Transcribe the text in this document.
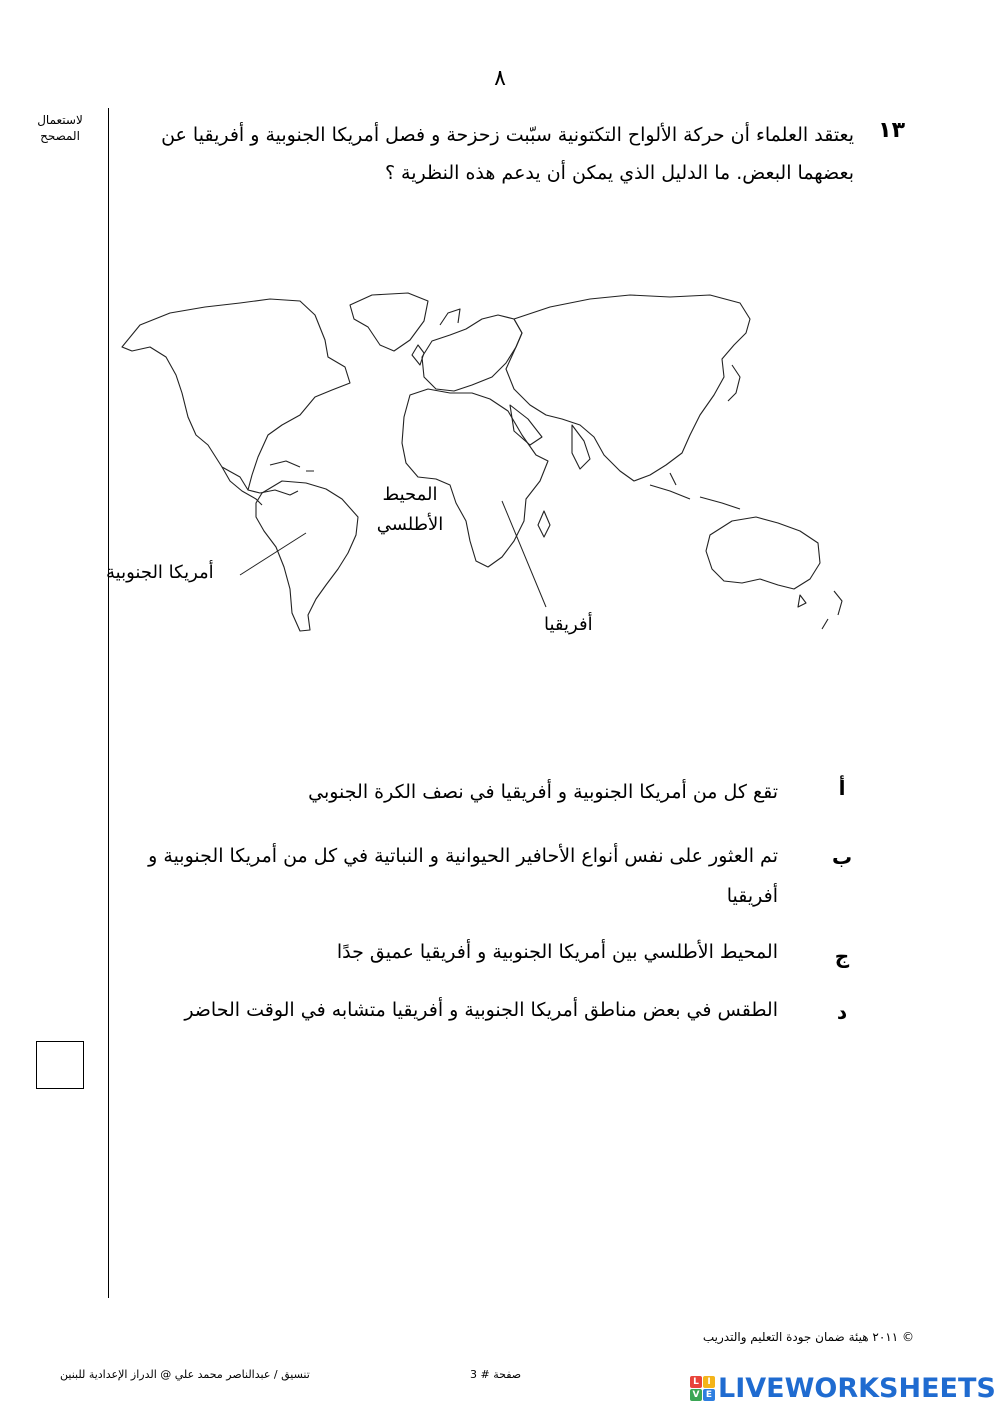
٨
لاستعمال المصحح	١٣
يعتقد العلماء أن حركة الألواح التكتونية سبّبت زحزحة و فصل أمريكا الجنوبية و أفريقيا عن بعضهما البعض. ما الدليل الذي يمكن أن يدعم هذه النظرية ؟
المحيط الأطلسي
أمريكا الجنوبية
أفريقيا
أ
تقع كل من أمريكا الجنوبية و أفريقيا في نصف الكرة الجنوبي
ب
تم العثور على نفس أنواع الأحافير الحيوانية و النباتية في كل من أمريكا الجنوبية و أفريقيا
ج
المحيط الأطلسي بين أمريكا الجنوبية و أفريقيا عميق جدًا
د
الطقس في بعض مناطق أمريكا الجنوبية و أفريقيا متشابه في الوقت الحاضر
© ٢٠١١ هيئة ضمان جودة التعليم والتدريب
تنسيق / عبدالناصر محمد علي @ الدراز الإعدادية للبنين	صفحة # 3
L I
V E LIVEWORKSHEETS
